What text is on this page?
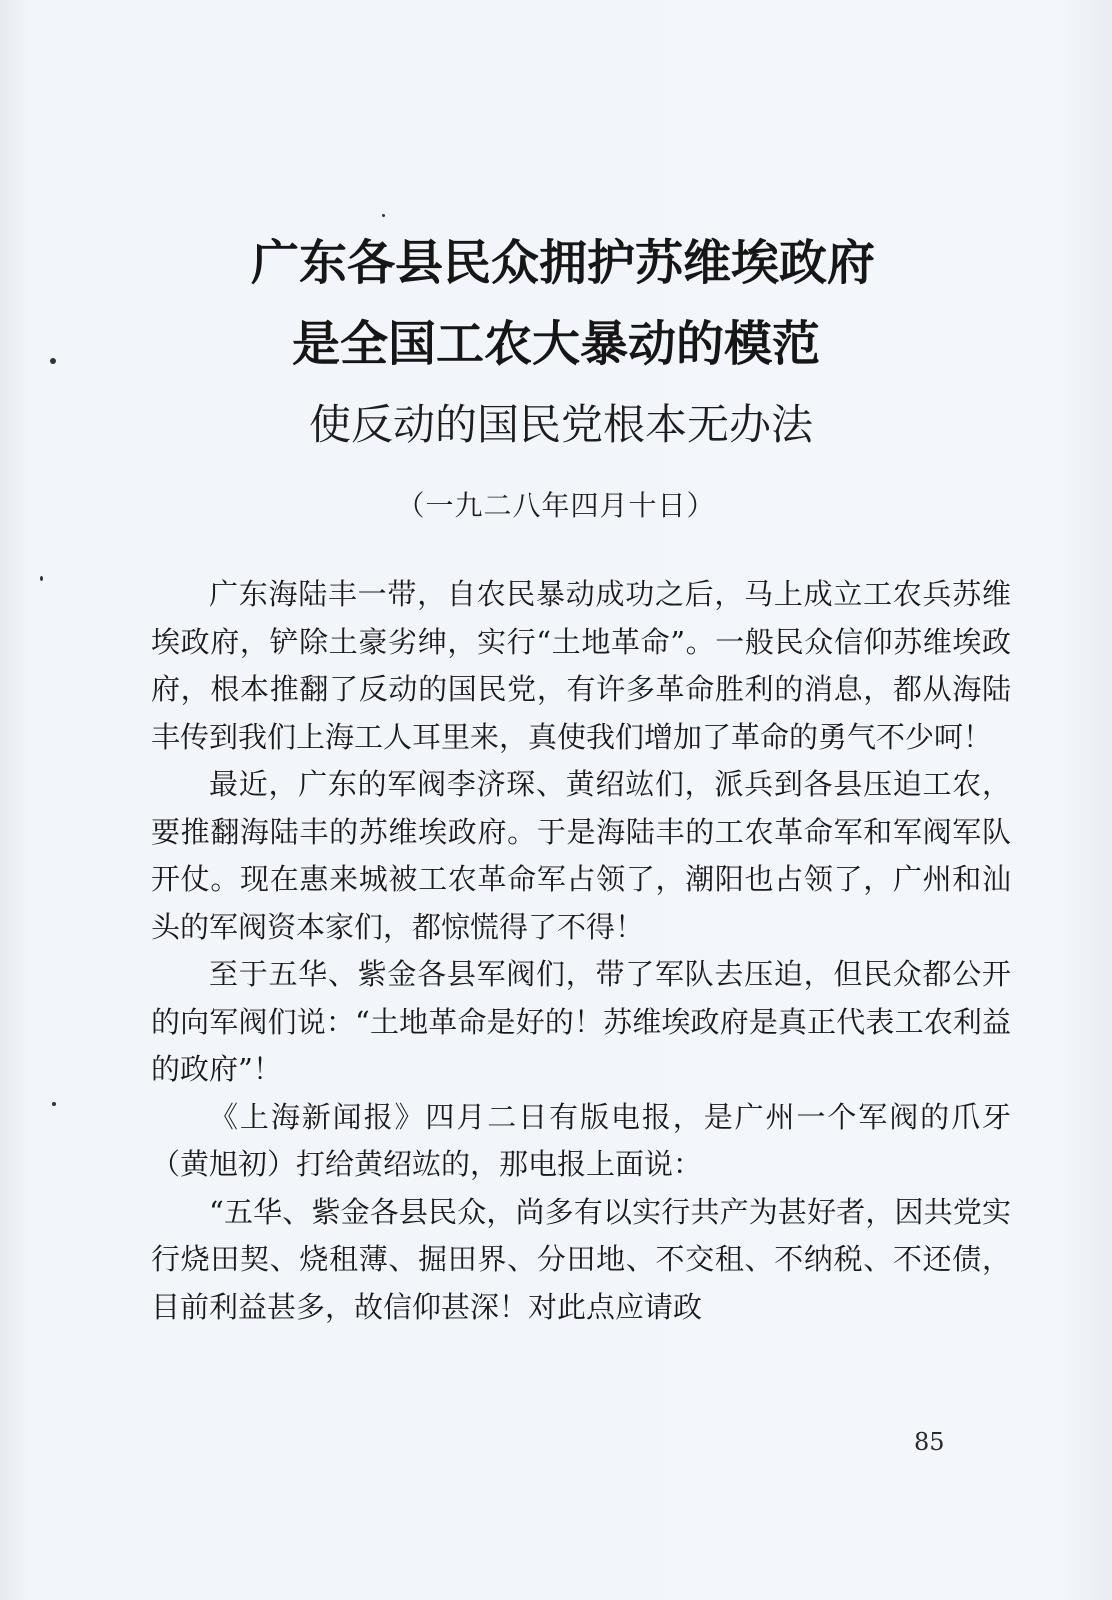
广东各县民众拥护苏维埃政府
是全国工农大暴动的模范
使反动的国民党根本无办法
（一九二八年四月十日）

广东海陆丰一带，自农民暴动成功之后，马上成立工农兵苏维埃政府，铲除土豪劣绅，实行“土地革命”。一般民众信仰苏维埃政府，根本推翻了反动的国民党，有许多革命胜利的消息，都从海陆丰传到我们上海工人耳里来，真使我们增加了革命的勇气不少呵！

最近，广东的军阀李济琛、黄绍竑们，派兵到各县压迫工农，要推翻海陆丰的苏维埃政府。于是海陆丰的工农革命军和军阀军队开仗。现在惠来城被工农革命军占领了，潮阳也占领了，广州和汕头的军阀资本家们，都惊慌得了不得！

至于五华、紫金各县军阀们，带了军队去压迫，但民众都公开的向军阀们说：“土地革命是好的！苏维埃政府是真正代表工农利益的政府”！

《上海新闻报》四月二日有版电报，是广州一个军阀的爪牙（黄旭初）打给黄绍竑的，那电报上面说：

“五华、紫金各县民众，尚多有以实行共产为甚好者，因共党实行烧田契、烧租薄、掘田界、分田地、不交租、不纳税、不还债，目前利益甚多，故信仰甚深！对此点应请政

85
